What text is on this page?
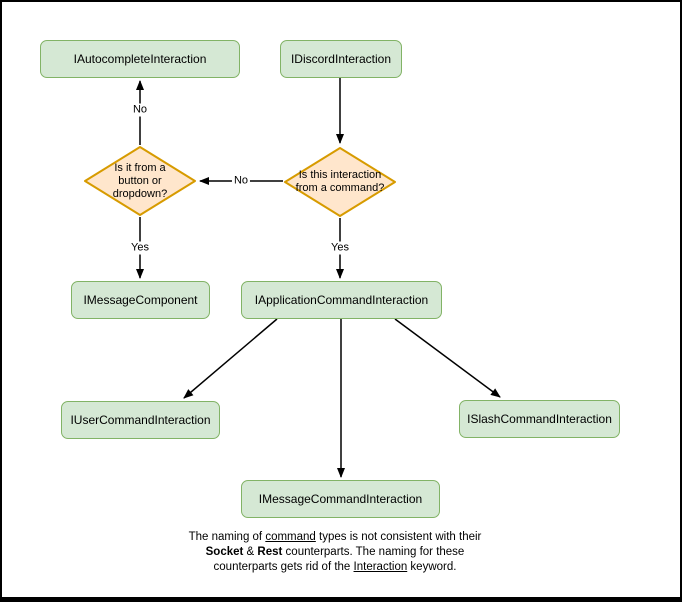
IAutocompleteInteraction	IDiscordInteraction
Is it from a button or dropdown?
Is this interaction from a command?
IMessageComponent	IApplicationCommandInteraction
IUserCommandInteraction	ISlashCommandInteraction
IMessageCommandInteraction
No
No
Yes	Yes
The naming of command types is not consistent with their
Socket & Rest counterparts. The naming for these
counterparts gets rid of the Interaction keyword.
